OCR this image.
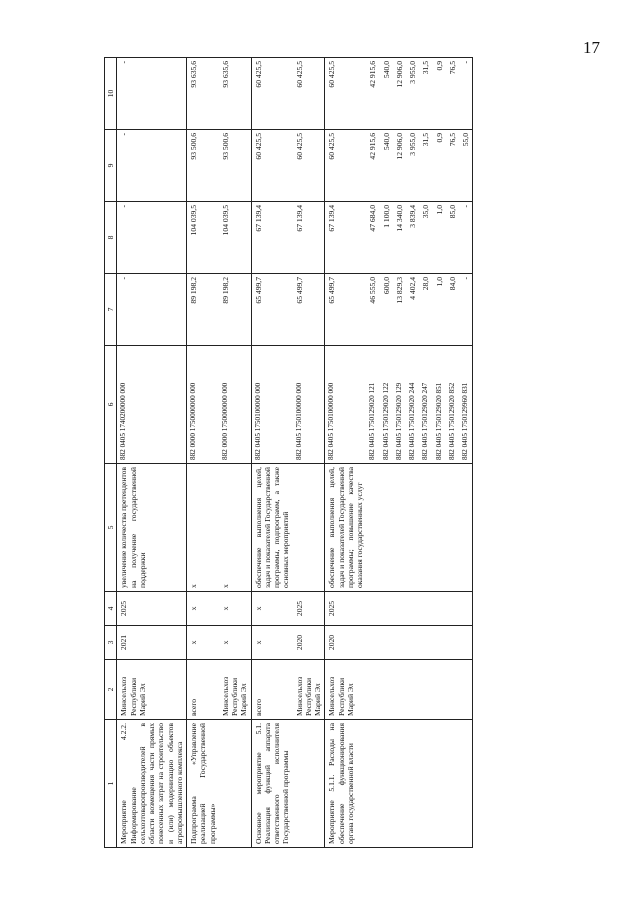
17
1	2	3	4	5	6	7	8	9	10
Мероприятие 4.2.2. Информирование сельхозтоваропроизводителей в области возмещения части прямых понесенных затрат на строительство и (или) модернизацию объектов агропромышленного комплекса	Минсельхоз Республики Марий Эл	2021	2025	увеличение количества претендентов на получение государственной поддержки	882 0405 1740200000 000	-	-	-	-
Подпрограмма «Управление реализацией Государственной программы»	всего	х	х	х	882 0000 1750000000 000	89 198,2	104 039,5	93 500,6	93 635,6
	Минсельхоз Республики Марий Эл	х	х	х	882 0000 1750000000 000	89 198,2	104 039,5	93 500,6	93 635,6
Основное мероприятие 5.1. Реализация функций аппарата ответственного исполнителя Государственной программы	всего	х	х	обеспечение выполнения целей, задач и показателей Государственной программы, подпрограмм, а также основных мероприятий	882 0405 1750100000 000	65 499,7	67 139,4	60 425,5	60 425,5
	Минсельхоз Республики Марий Эл	2020	2025		882 0405 1750100000 000	65 499,7	67 139,4	60 425,5	60 425,5
Мероприятие 5.1.1. Расходы на обеспечение функционирования органа государственной власти	Минсельхоз Республики Марий Эл	2020	2025	обеспечение выполнения целей, задач и показателей Государственной программы; повышение качества оказания государственных услуг	882 0405 1750100000 000	65 499,7	67 139,4	60 425,5	60 425,5
					882 0405 1750129020 121	46 555,0	47 684,0	42 915,6	42 915,6
					882 0405 1750129020 122	600,0	1 100,0	540,0	540,0
					882 0405 1750129020 129	13 829,3	14 340,0	12 906,0	12 906,0
					882 0405 1750129020 244	4 402,4	3 839,4	3 955,0	3 955,0
					882 0405 1750129020 247	28,0	35,0	31,5	31,5
					882 0405 1750129020 851	1,0	1,0	0,9	0,9
					882 0405 1750129020 852	84,0	85,0	76,5	76,5
					882 0405 1750129960 831	-	-	55,0	-
